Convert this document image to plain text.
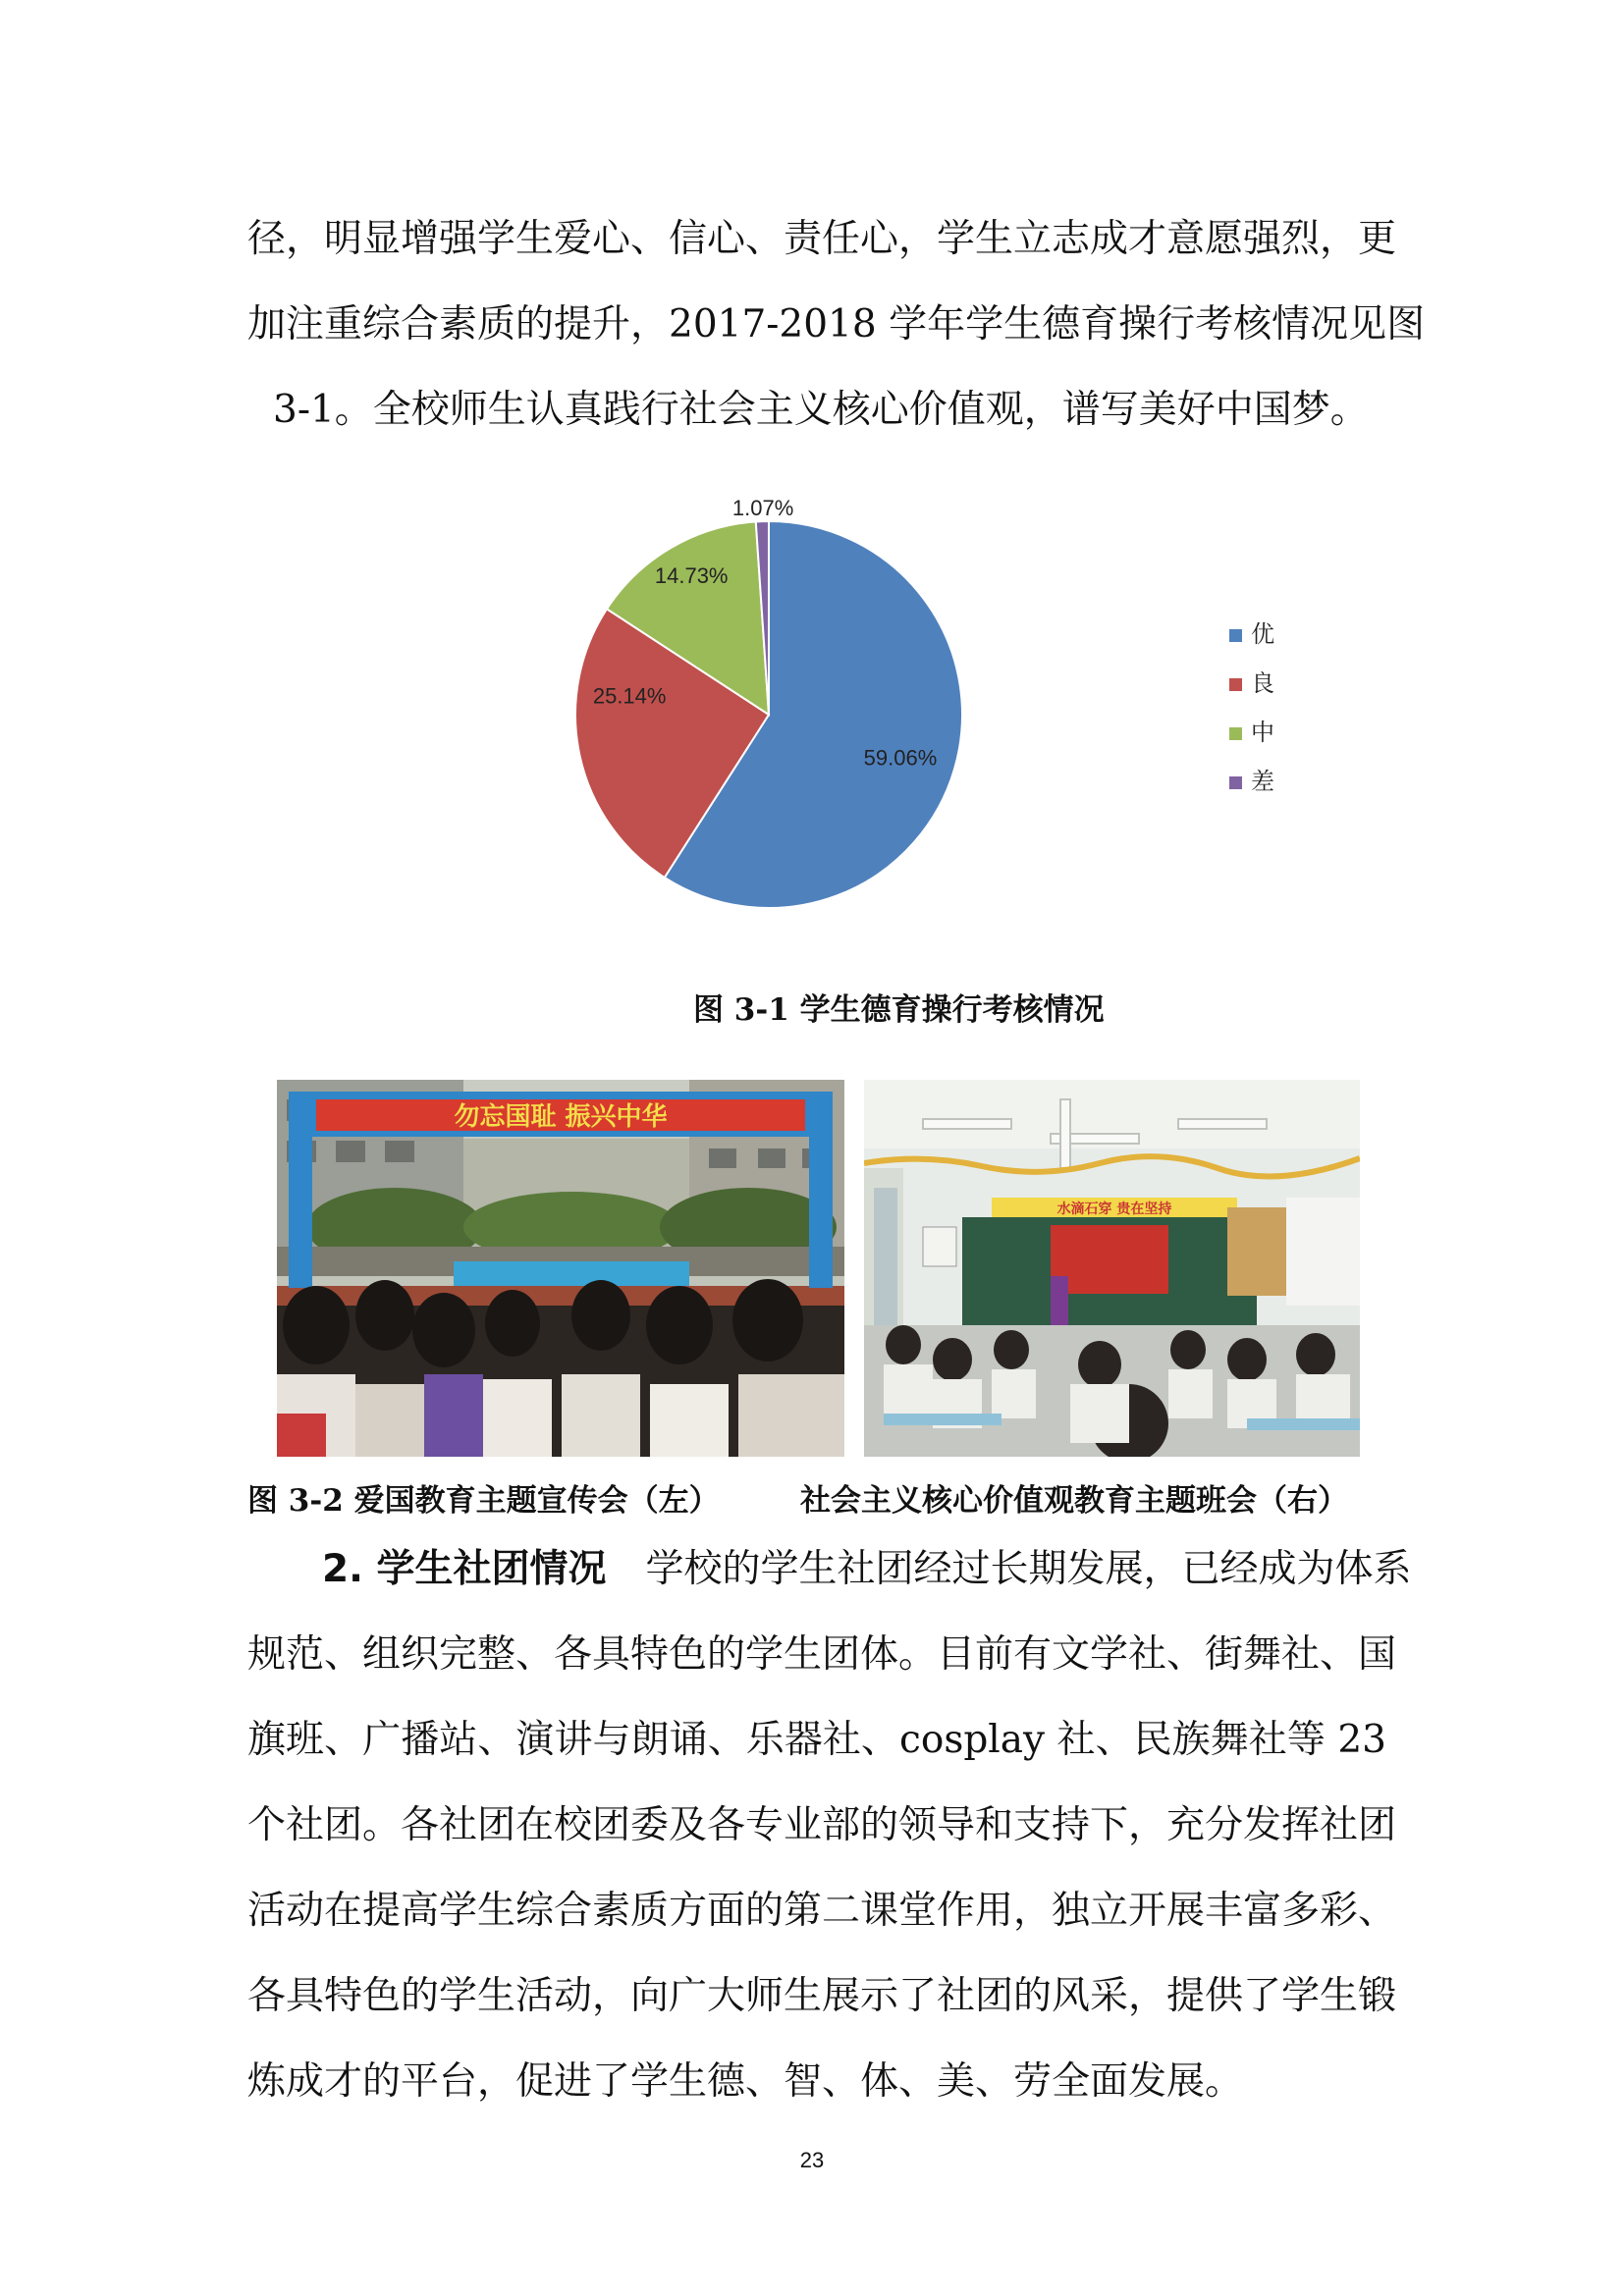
径，明显增强学生爱心、信心、责任心，学生立志成才意愿强烈，更

加注重综合素质的提升，2017-2018 学年学生德育操行考核情况见图

3-1。全校师生认真践行社会主义核心价值观，谱写美好中国梦。

59.06%
25.14%
14.73%
1.07%
优
良
中
差
图 3-1 学生德育操行考核情况
勿忘国耻 振兴中华
水滴石穿 贵在坚持
图 3-2 爱国教育主题宣传会（左）	社会主义核心价值观教育主题班会（右）

2. 学生社团情况 学校的学生社团经过长期发展，已经成为体系

规范、组织完整、各具特色的学生团体。目前有文学社、街舞社、国

旗班、广播站、演讲与朗诵、乐器社、cosplay 社、民族舞社等 23

个社团。各社团在校团委及各专业部的领导和支持下，充分发挥社团

活动在提高学生综合素质方面的第二课堂作用，独立开展丰富多彩、

各具特色的学生活动，向广大师生展示了社团的风采，提供了学生锻

炼成才的平台，促进了学生德、智、体、美、劳全面发展。

23
